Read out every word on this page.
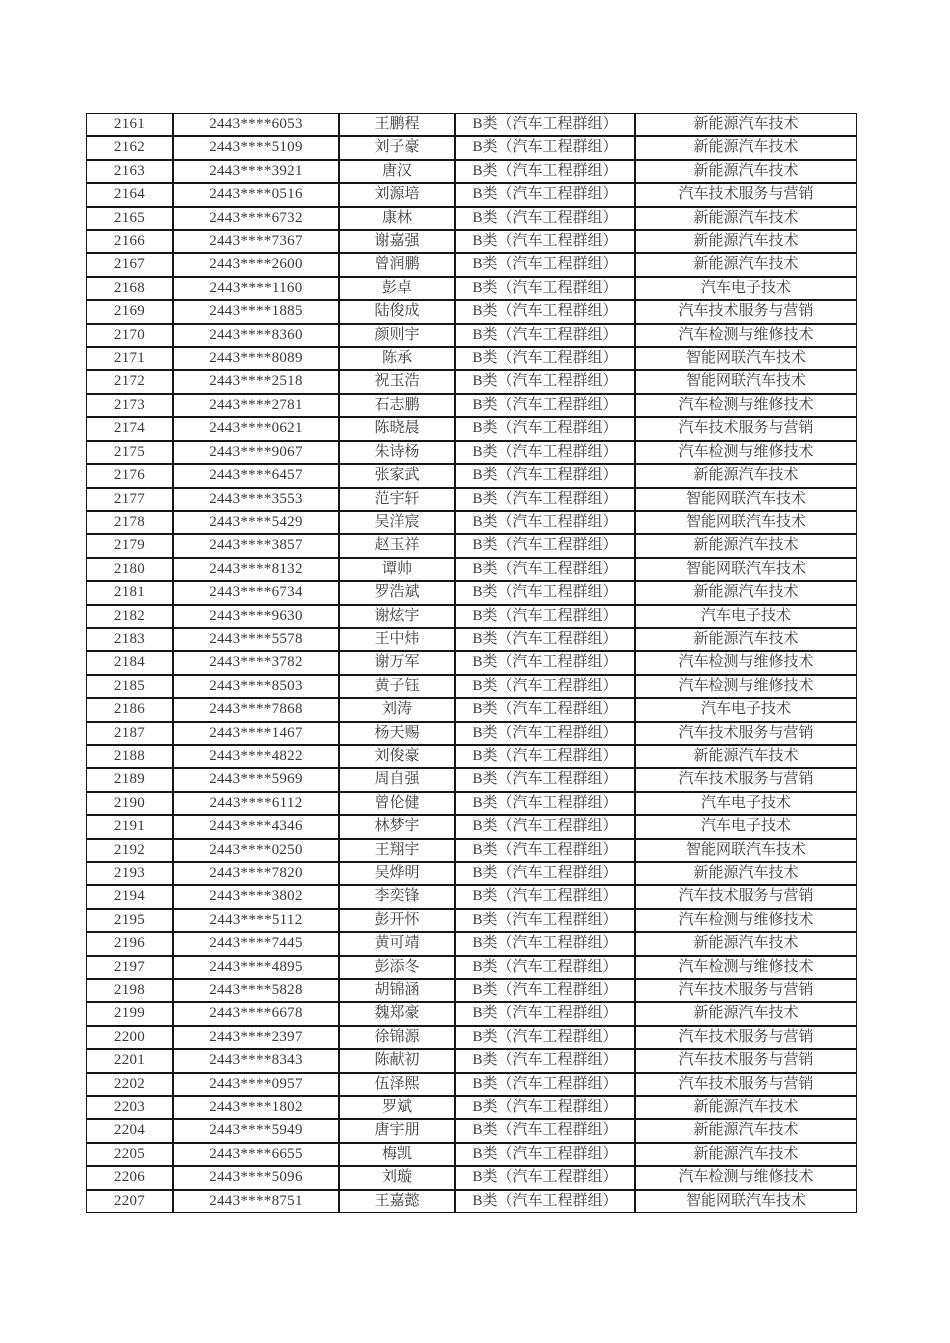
2161	2443****6053	王鹏程	B类（汽车工程群组）	新能源汽车技术
2162	2443****5109	刘子豪	B类（汽车工程群组）	新能源汽车技术
2163	2443****3921	唐汉	B类（汽车工程群组）	新能源汽车技术
2164	2443****0516	刘源培	B类（汽车工程群组）	汽车技术服务与营销
2165	2443****6732	康林	B类（汽车工程群组）	新能源汽车技术
2166	2443****7367	谢嘉强	B类（汽车工程群组）	新能源汽车技术
2167	2443****2600	曾润鹏	B类（汽车工程群组）	新能源汽车技术
2168	2443****1160	彭卓	B类（汽车工程群组）	汽车电子技术
2169	2443****1885	陆俊成	B类（汽车工程群组）	汽车技术服务与营销
2170	2443****8360	颜则宇	B类（汽车工程群组）	汽车检测与维修技术
2171	2443****8089	陈承	B类（汽车工程群组）	智能网联汽车技术
2172	2443****2518	祝玉浩	B类（汽车工程群组）	智能网联汽车技术
2173	2443****2781	石志鹏	B类（汽车工程群组）	汽车检测与维修技术
2174	2443****0621	陈晓晨	B类（汽车工程群组）	汽车技术服务与营销
2175	2443****9067	朱诗杨	B类（汽车工程群组）	汽车检测与维修技术
2176	2443****6457	张家武	B类（汽车工程群组）	新能源汽车技术
2177	2443****3553	范宇轩	B类（汽车工程群组）	智能网联汽车技术
2178	2443****5429	吴洋宸	B类（汽车工程群组）	智能网联汽车技术
2179	2443****3857	赵玉祥	B类（汽车工程群组）	新能源汽车技术
2180	2443****8132	谭帅	B类（汽车工程群组）	智能网联汽车技术
2181	2443****6734	罗浩斌	B类（汽车工程群组）	新能源汽车技术
2182	2443****9630	谢炫宇	B类（汽车工程群组）	汽车电子技术
2183	2443****5578	王中炜	B类（汽车工程群组）	新能源汽车技术
2184	2443****3782	谢万军	B类（汽车工程群组）	汽车检测与维修技术
2185	2443****8503	黄子钰	B类（汽车工程群组）	汽车检测与维修技术
2186	2443****7868	刘涛	B类（汽车工程群组）	汽车电子技术
2187	2443****1467	杨天赐	B类（汽车工程群组）	汽车技术服务与营销
2188	2443****4822	刘俊豪	B类（汽车工程群组）	新能源汽车技术
2189	2443****5969	周自强	B类（汽车工程群组）	汽车技术服务与营销
2190	2443****6112	曾伦健	B类（汽车工程群组）	汽车电子技术
2191	2443****4346	林梦宇	B类（汽车工程群组）	汽车电子技术
2192	2443****0250	王翔宇	B类（汽车工程群组）	智能网联汽车技术
2193	2443****7820	吴烨明	B类（汽车工程群组）	新能源汽车技术
2194	2443****3802	李奕锋	B类（汽车工程群组）	汽车技术服务与营销
2195	2443****5112	彭开怀	B类（汽车工程群组）	汽车检测与维修技术
2196	2443****7445	黄可靖	B类（汽车工程群组）	新能源汽车技术
2197	2443****4895	彭添冬	B类（汽车工程群组）	汽车检测与维修技术
2198	2443****5828	胡锦涵	B类（汽车工程群组）	汽车技术服务与营销
2199	2443****6678	魏郑豪	B类（汽车工程群组）	新能源汽车技术
2200	2443****2397	徐锦源	B类（汽车工程群组）	汽车技术服务与营销
2201	2443****8343	陈献初	B类（汽车工程群组）	汽车技术服务与营销
2202	2443****0957	伍泽熙	B类（汽车工程群组）	汽车技术服务与营销
2203	2443****1802	罗斌	B类（汽车工程群组）	新能源汽车技术
2204	2443****5949	唐宇朋	B类（汽车工程群组）	新能源汽车技术
2205	2443****6655	梅凯	B类（汽车工程群组）	新能源汽车技术
2206	2443****5096	刘璇	B类（汽车工程群组）	汽车检测与维修技术
2207	2443****8751	王嘉懿	B类（汽车工程群组）	智能网联汽车技术
